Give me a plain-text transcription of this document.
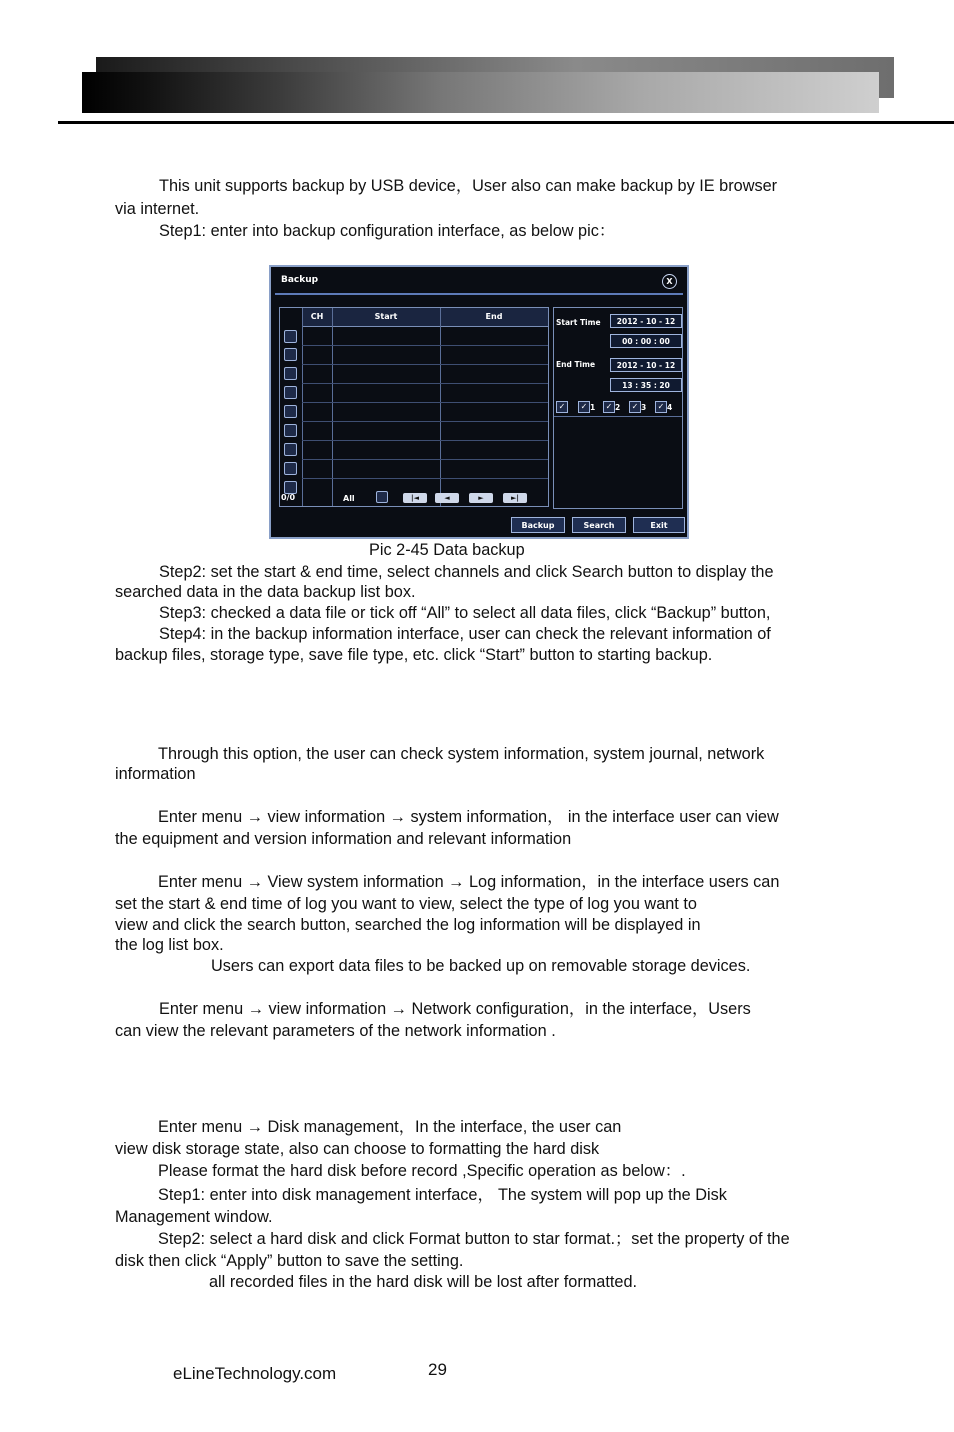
This unit supports backup by USB device，User also can make backup by IE browser
via internet.
Step1: enter into backup configuration interface, as below pic：
Backup	X
CH	Start	End
0/0	All	|◄	◄	►	►|
Start Time	2012 - 10 - 12
00 : 00 : 00
End Time	2012 - 10 - 12
13 : 35 : 20
✓	✓ 1	✓ 2	✓ 3	✓ 4
Backup	Search	Exit
Pic 2-45 Data backup
Step2: set the start & end time, select channels and click Search button to display the
searched data in the data backup list box.
Step3: checked a data file or tick off “All” to select all data files, click “Backup” button,
Step4: in the backup information interface, user can check the relevant information of
backup files, storage type, save file type, etc. click “Start” button to starting backup.
Through this option, the user can check system information, system journal, network
information
Enter menu → view information → system information， in the interface user can view
the equipment and version information and relevant information
Enter menu → View system information → Log information，in the interface users can
set the start & end time of log you want to view, select the type of log you want to
view and click the search button, searched the log information will be displayed in
the log list box.
Users can export data files to be backed up on removable storage devices.
Enter menu → view information → Network configuration，in the interface，Users
can view the relevant parameters of the network information .
Enter menu → Disk management，In the interface, the user can
view disk storage state, also can choose to formatting the hard disk
Please format the hard disk before record ,Specific operation as below：.
Step1: enter into disk management interface， The system will pop up the Disk
Management window.
Step2: select a hard disk and click Format button to star format.；set the property of the
disk then click “Apply” button to save the setting.
all recorded files in the hard disk will be lost after formatted.
eLineTechnology.com	29
